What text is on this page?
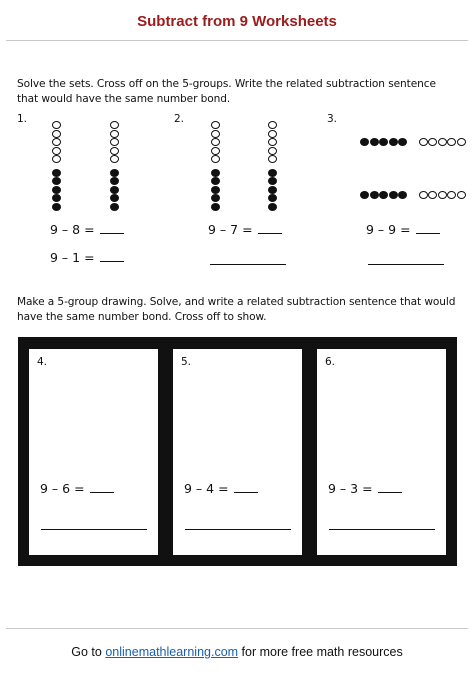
Subtract from 9 Worksheets
Solve the sets. Cross off on the 5-groups. Write the related subtraction sentence that would have the same number bond.
1.
9 – 8 =
9 – 1 =
2.
9 – 7 =
3.
9 – 9 =
Make a 5-group drawing. Solve, and write a related subtraction sentence that would have the same number bond. Cross off to show.
4.
9 – 6 =
5.
9 – 4 =
6.
9 – 3 =
Go to onlinemathlearning.com for more free math resources
